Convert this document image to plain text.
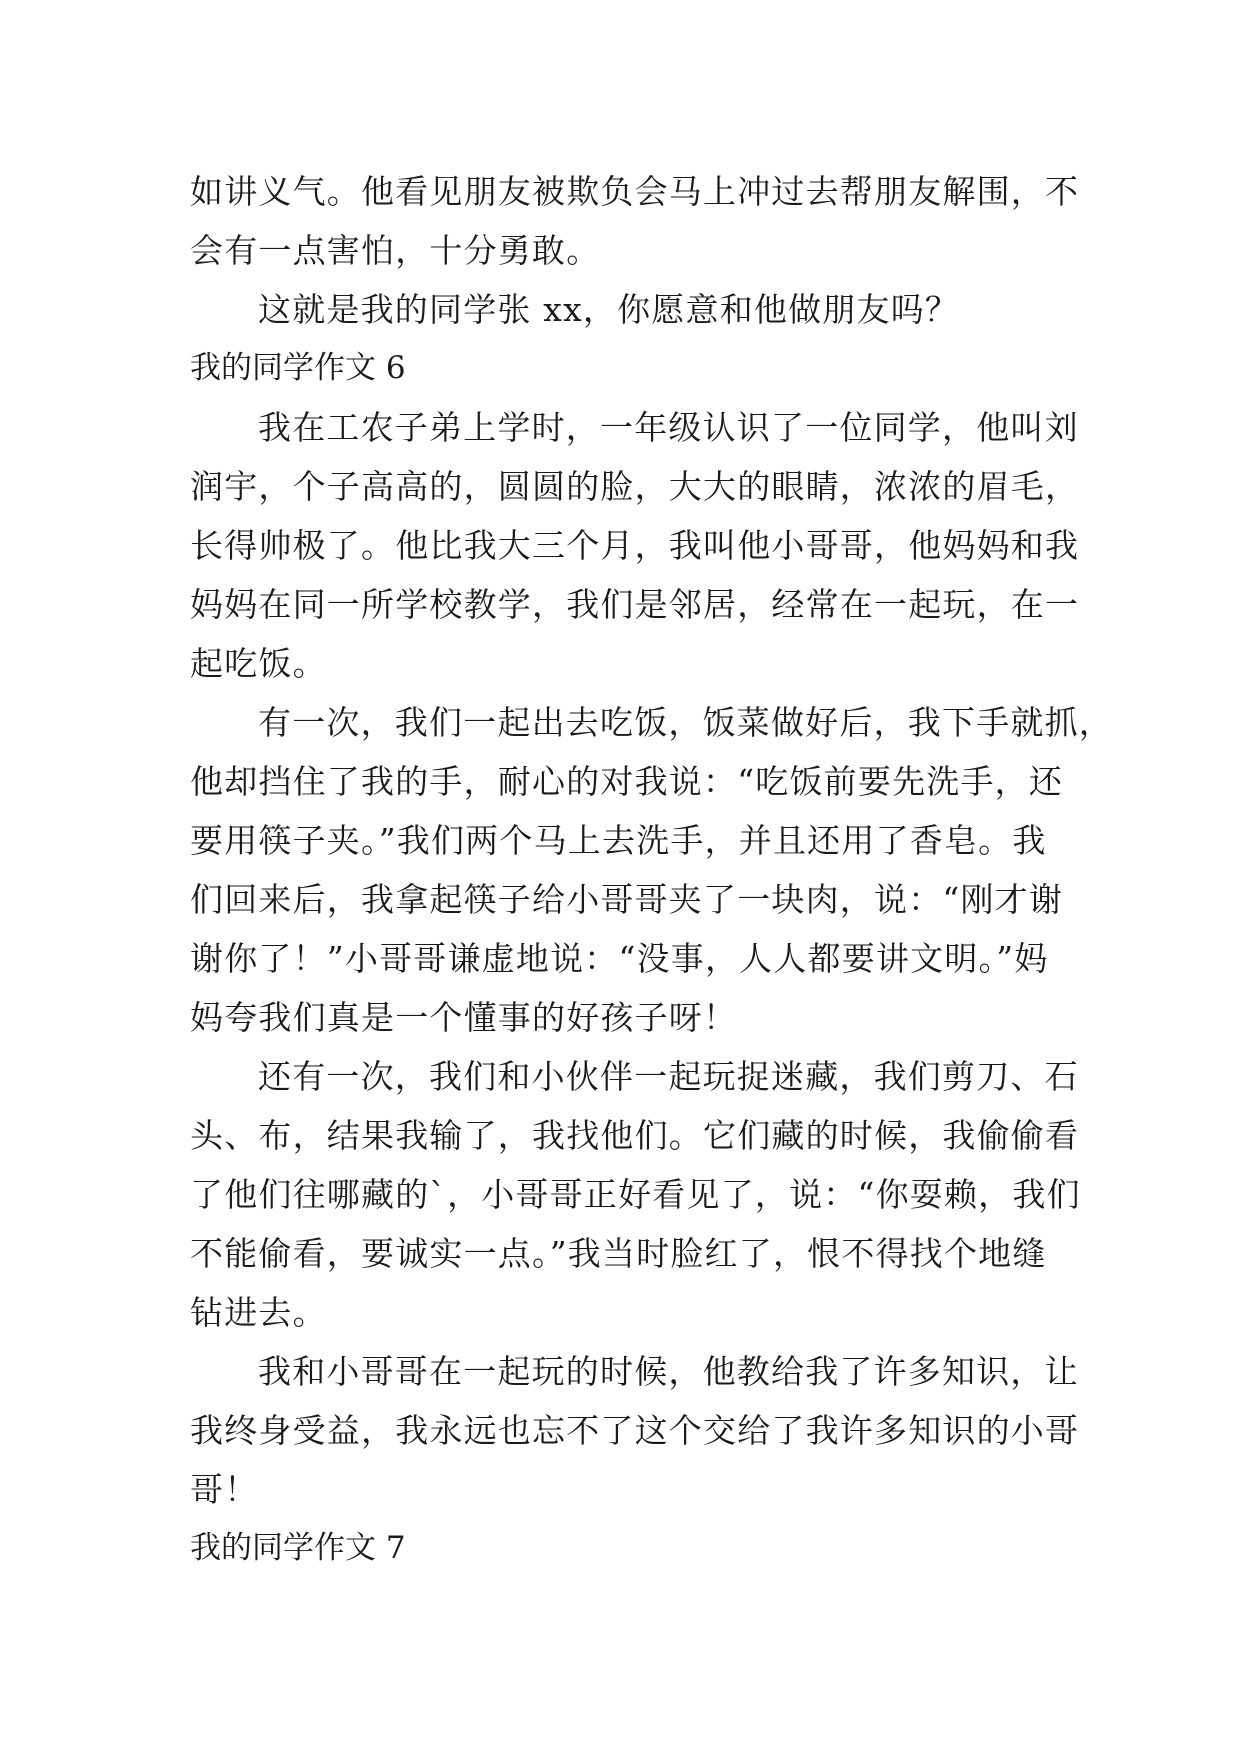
如讲义气。他看见朋友被欺负会马上冲过去帮朋友解围，不
会有一点害怕，十分勇敢。
这就是我的同学张 xx，你愿意和他做朋友吗？
我的同学作文 6
我在工农子弟上学时，一年级认识了一位同学，他叫刘
润宇，个子高高的，圆圆的脸，大大的眼睛，浓浓的眉毛，
长得帅极了。他比我大三个月，我叫他小哥哥，他妈妈和我
妈妈在同一所学校教学，我们是邻居，经常在一起玩，在一
起吃饭。
有一次，我们一起出去吃饭，饭菜做好后，我下手就抓，
他却挡住了我的手，耐心的对我说：“吃饭前要先洗手，还
要用筷子夹。”我们两个马上去洗手，并且还用了香皂。我
们回来后，我拿起筷子给小哥哥夹了一块肉，说：“刚才谢
谢你了！”小哥哥谦虚地说：“没事，人人都要讲文明。”妈
妈夸我们真是一个懂事的好孩子呀！
还有一次，我们和小伙伴一起玩捉迷藏，我们剪刀、石
头、布，结果我输了，我找他们。它们藏的时候，我偷偷看
了他们往哪藏的`，小哥哥正好看见了，说：“你耍赖，我们
不能偷看，要诚实一点。”我当时脸红了，恨不得找个地缝
钻进去。
我和小哥哥在一起玩的时候，他教给我了许多知识，让
我终身受益，我永远也忘不了这个交给了我许多知识的小哥
哥！
我的同学作文 7
